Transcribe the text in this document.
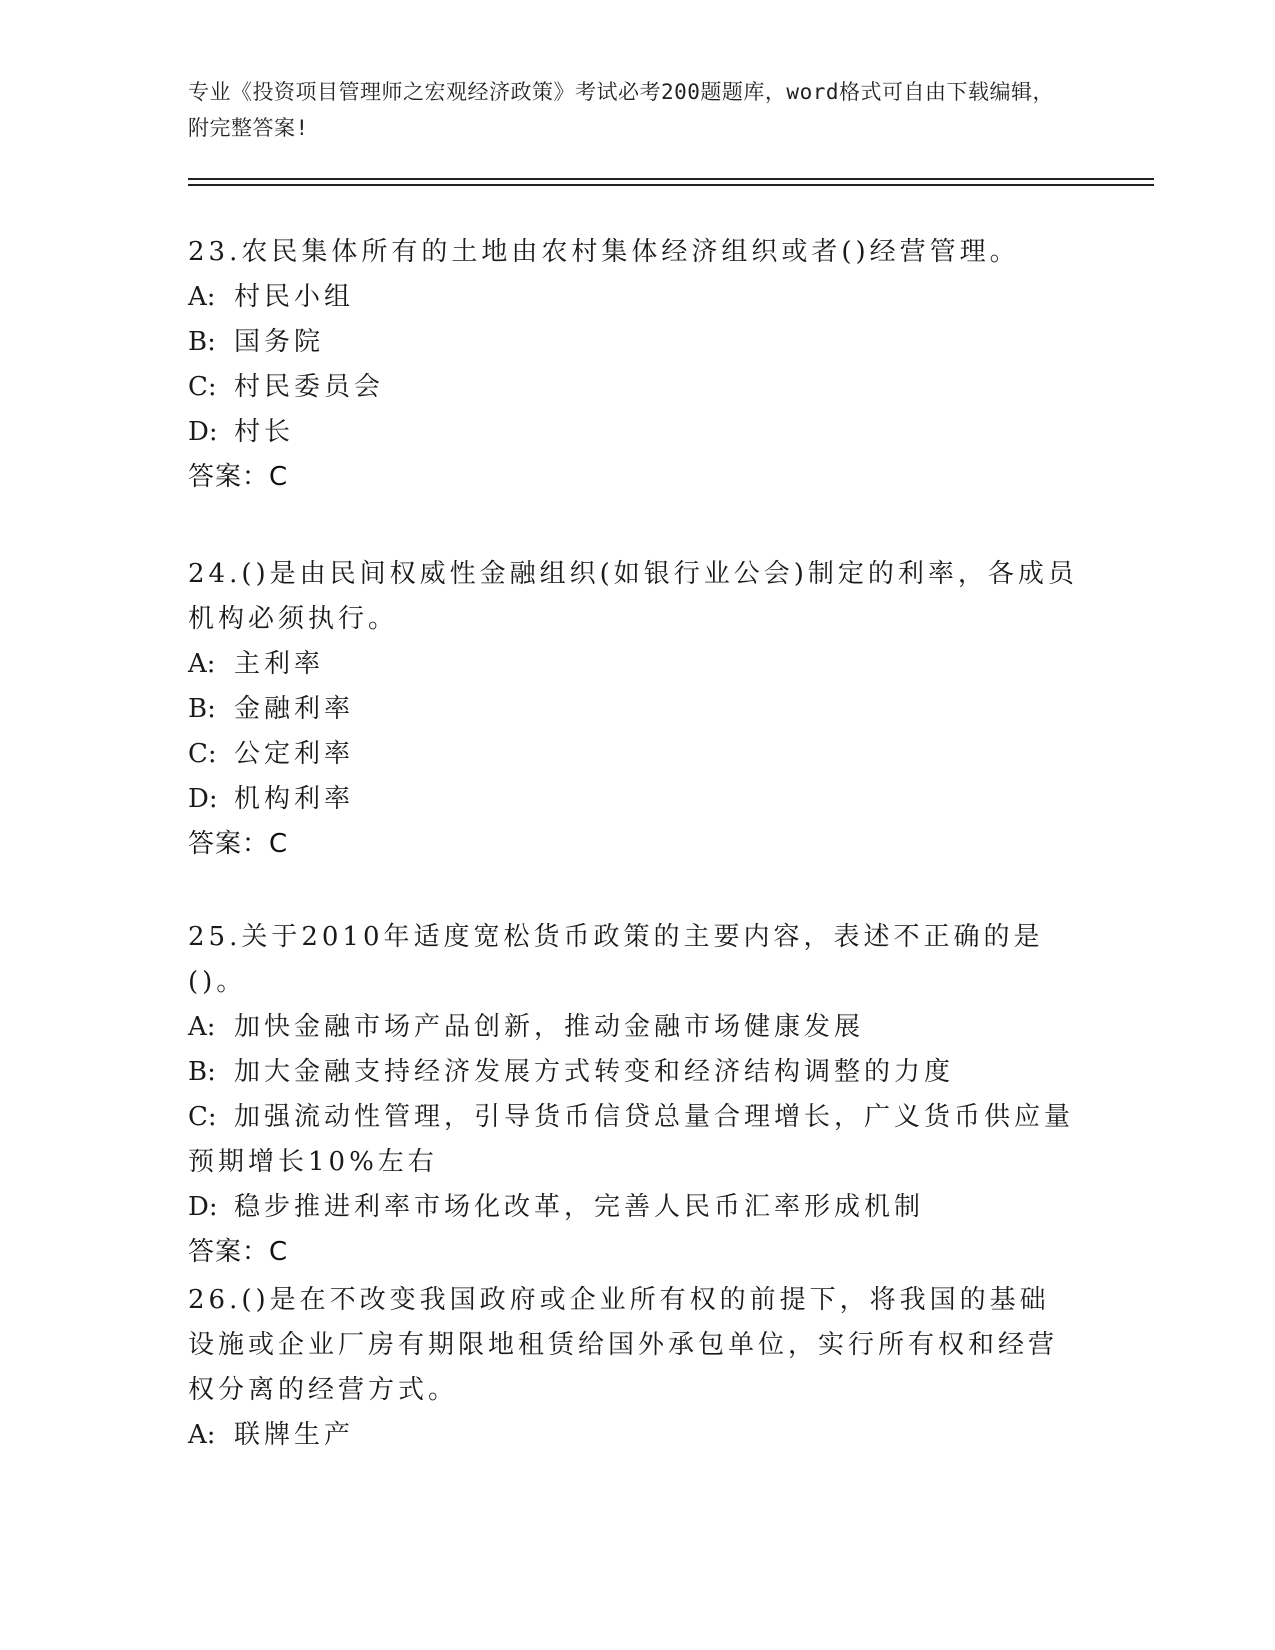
专业《投资项目管理师之宏观经济政策》考试必考200题题库，word格式可自由下载编辑，附完整答案!

23.农民集体所有的土地由农村集体经济组织或者()经营管理。

A: 村民小组

B: 国务院

C: 村民委员会

D: 村长

答案：C

24.()是由民间权威性金融组织(如银行业公会)制定的利率，各成员机构必须执行。

A: 主利率

B: 金融利率

C: 公定利率

D: 机构利率

答案：C

25.关于2010年适度宽松货币政策的主要内容，表述不正确的是()。

A: 加快金融市场产品创新，推动金融市场健康发展

B: 加大金融支持经济发展方式转变和经济结构调整的力度

C: 加强流动性管理，引导货币信贷总量合理增长，广义货币供应量预期增长10%左右

D: 稳步推进利率市场化改革，完善人民币汇率形成机制

答案：C

26.()是在不改变我国政府或企业所有权的前提下，将我国的基础设施或企业厂房有期限地租赁给国外承包单位，实行所有权和经营权分离的经营方式。

A: 联牌生产
